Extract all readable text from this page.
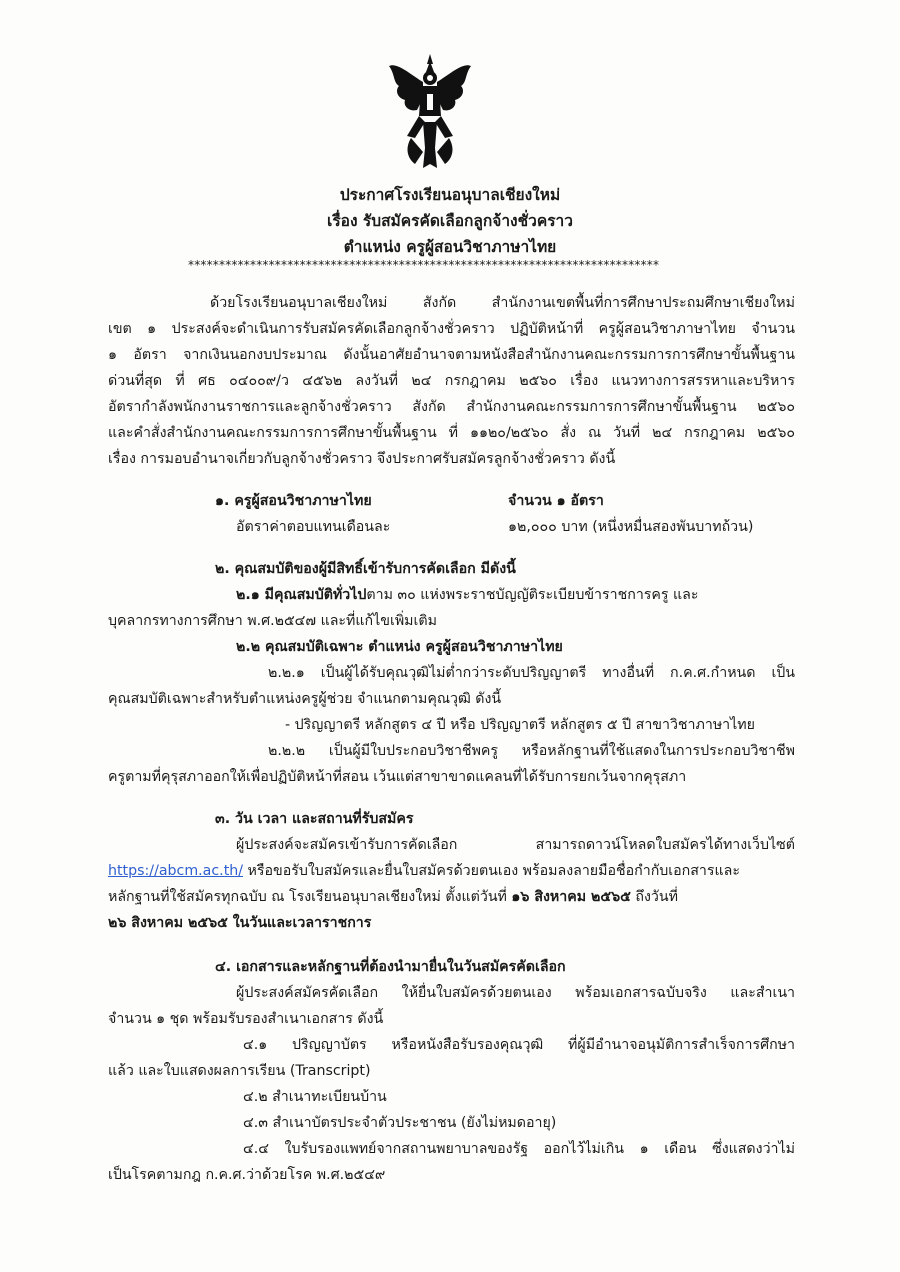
ประกาศโรงเรียนอนุบาลเชียงใหม่
เรื่อง รับสมัครคัดเลือกลูกจ้างชั่วคราว
ตำแหน่ง ครูผู้สอนวิชาภาษาไทย
****************************************************************************
ด้วยโรงเรียนอนุบาลเชียงใหม่ สังกัด สำนักงานเขตพื้นที่การศึกษาประถมศึกษาเชียงใหม่
เขต ๑ ประสงค์จะดำเนินการรับสมัครคัดเลือกลูกจ้างชั่วคราว ปฏิบัติหน้าที่ ครูผู้สอนวิชาภาษาไทย จำนวน
๑ อัตรา จากเงินนอกงบประมาณ ดังนั้นอาศัยอำนาจตามหนังสือสำนักงานคณะกรรมการการศึกษาขั้นพื้นฐาน
ด่วนที่สุด ที่ ศธ ๐๔๐๐๙/ว ๔๕๖๒ ลงวันที่ ๒๔ กรกฎาคม ๒๕๖๐ เรื่อง แนวทางการสรรหาและบริหาร
อัตรากำลังพนักงานราชการและลูกจ้างชั่วคราว สังกัด สำนักงานคณะกรรมการการศึกษาขั้นพื้นฐาน ๒๕๖๐
และคำสั่งสำนักงานคณะกรรมการการศึกษาขั้นพื้นฐาน ที่ ๑๑๒๐/๒๕๖๐ สั่ง ณ วันที่ ๒๔ กรกฎาคม ๒๕๖๐
เรื่อง การมอบอำนาจเกี่ยวกับลูกจ้างชั่วคราว จึงประกาศรับสมัครลูกจ้างชั่วคราว ดังนี้
๑. ครูผู้สอนวิชาภาษาไทย	จำนวน ๑ อัตรา
อัตราค่าตอบแทนเดือนละ	๑๒,๐๐๐ บาท (หนึ่งหมื่นสองพันบาทถ้วน)
๒. คุณสมบัติของผู้มีสิทธิ์เข้ารับการคัดเลือก มีดังนี้
๒.๑ มีคุณสมบัติทั่วไปตาม ๓๐ แห่งพระราชบัญญัติระเบียบข้าราชการครู และ
บุคลากรทางการศึกษา พ.ศ.๒๕๔๗ และที่แก้ไขเพิ่มเติม
๒.๒ คุณสมบัติเฉพาะ ตำแหน่ง ครูผู้สอนวิชาภาษาไทย
๒.๒.๑ เป็นผู้ได้รับคุณวุฒิไม่ต่ำกว่าระดับปริญญาตรี ทางอื่นที่ ก.ค.ศ.กำหนด เป็น
คุณสมบัติเฉพาะสำหรับตำแหน่งครูผู้ช่วย จำแนกตามคุณวุฒิ ดังนี้
- ปริญญาตรี หลักสูตร ๔ ปี หรือ ปริญญาตรี หลักสูตร ๕ ปี สาขาวิชาภาษาไทย
๒.๒.๒ เป็นผู้มีใบประกอบวิชาชีพครู หรือหลักฐานที่ใช้แสดงในการประกอบวิชาชีพ
ครูตามที่คุรุสภาออกให้เพื่อปฏิบัติหน้าที่สอน เว้นแต่สาขาขาดแคลนที่ได้รับการยกเว้นจากคุรุสภา
๓. วัน เวลา และสถานที่รับสมัคร
ผู้ประสงค์จะสมัครเข้ารับการคัดเลือก สามารถดาวน์โหลดใบสมัครได้ทางเว็บไซต์
https://abcm.ac.th/ หรือขอรับใบสมัครและยื่นใบสมัครด้วยตนเอง พร้อมลงลายมือชื่อกำกับเอกสารและ
หลักฐานที่ใช้สมัครทุกฉบับ ณ โรงเรียนอนุบาลเชียงใหม่ ตั้งแต่วันที่ ๑๖ สิงหาคม ๒๕๖๕ ถึงวันที่
๒๖ สิงหาคม ๒๕๖๕ ในวันและเวลาราชการ
๔. เอกสารและหลักฐานที่ต้องนำมายื่นในวันสมัครคัดเลือก
ผู้ประสงค์สมัครคัดเลือก ให้ยื่นใบสมัครด้วยตนเอง พร้อมเอกสารฉบับจริง และสำเนา
จำนวน ๑ ชุด พร้อมรับรองสำเนาเอกสาร ดังนี้
๔.๑ ปริญญาบัตร หรือหนังสือรับรองคุณวุฒิ ที่ผู้มีอำนาจอนุมัติการสำเร็จการศึกษา
แล้ว และใบแสดงผลการเรียน (Transcript)
๔.๒ สำเนาทะเบียนบ้าน
๔.๓ สำเนาบัตรประจำตัวประชาชน (ยังไม่หมดอายุ)
๔.๔ ใบรับรองแพทย์จากสถานพยาบาลของรัฐ ออกไว้ไม่เกิน ๑ เดือน ซึ่งแสดงว่าไม่
เป็นโรคตามกฎ ก.ค.ศ.ว่าด้วยโรค พ.ศ.๒๕๔๙
